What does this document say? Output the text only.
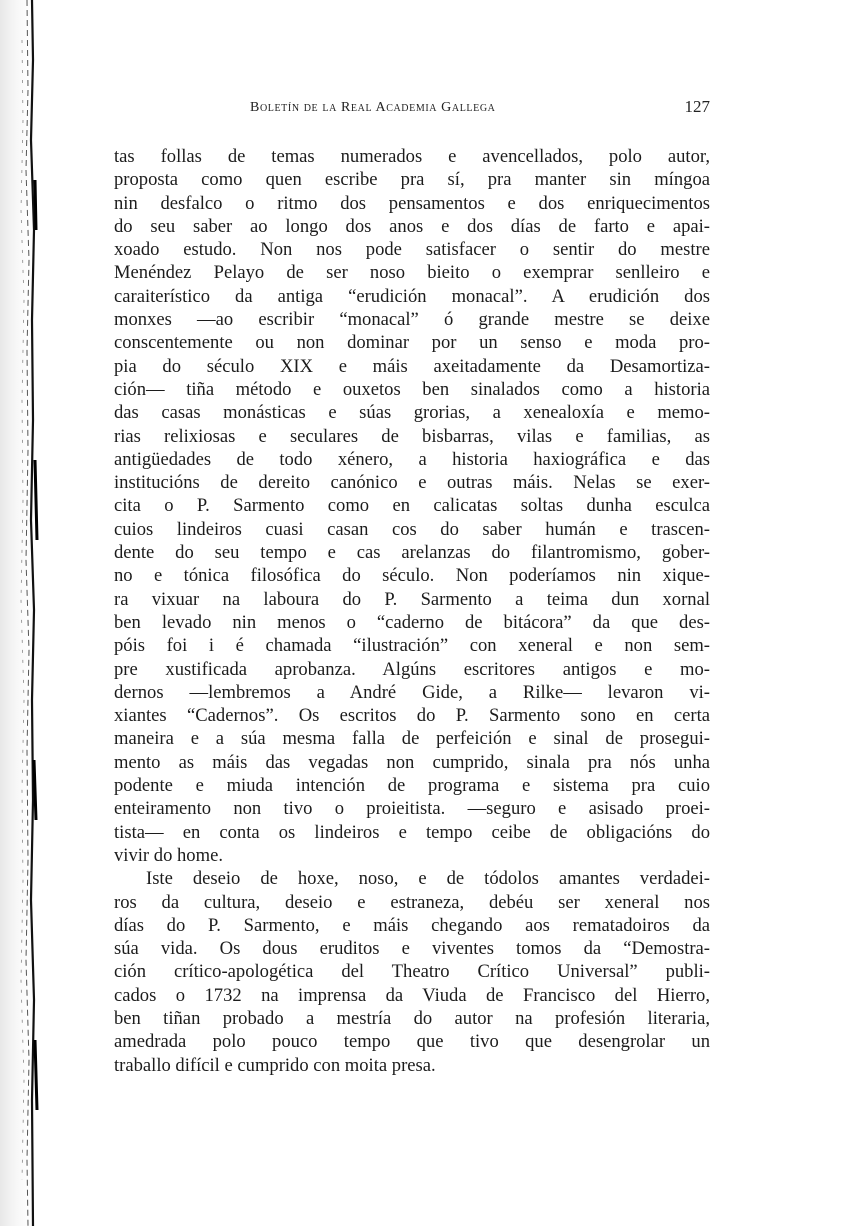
Boletín de la Real Academia Gallega	127

tas follas de temas numerados e avencellados, polo autor,
proposta como quen escribe pra sí, pra manter sin míngoa
nin desfalco o ritmo dos pensamentos e dos enriquecimentos
do seu saber ao longo dos anos e dos días de farto e apai-
xoado estudo. Non nos pode satisfacer o sentir do mestre
Menéndez Pelayo de ser noso bieito o exemprar senlleiro e
caraiterístico da antiga “erudición monacal”. A erudición dos
monxes —ao escribir “monacal” ó grande mestre se deixe
conscentemente ou non dominar por un senso e moda pro-
pia do século XIX e máis axeitadamente da Desamortiza-
ción— tiña método e ouxetos ben sinalados como a historia
das casas monásticas e súas grorias, a xenealoxía e memo-
rias relixiosas e seculares de bisbarras, vilas e familias, as
antigüedades de todo xénero, a historia haxiográfica e das
institucións de dereito canónico e outras máis. Nelas se exer-
cita o P. Sarmento como en calicatas soltas dunha esculca
cuios lindeiros cuasi casan cos do saber humán e trascen-
dente do seu tempo e cas arelanzas do filantromismo, gober-
no e tónica filosófica do século. Non poderíamos nin xique-
ra vixuar na laboura do P. Sarmento a teima dun xornal
ben levado nin menos o “caderno de bitácora” da que des-
póis foi i é chamada “ilustración” con xeneral e non sem-
pre xustificada aprobanza. Algúns escritores antigos e mo-
dernos —lembremos a André Gide, a Rilke— levaron vi-
xiantes “Cadernos”. Os escritos do P. Sarmento sono en certa
maneira e a súa mesma falla de perfeición e sinal de prosegui-
mento as máis das vegadas non cumprido, sinala pra nós unha
podente e miuda intención de programa e sistema pra cuio
enteiramento non tivo o proieitista. —seguro e asisado proei-
tista— en conta os lindeiros e tempo ceibe de obligacións do
vivir do home.

Iste deseio de hoxe, noso, e de tódolos amantes verdadei-
ros da cultura, deseio e estraneza, debéu ser xeneral nos
días do P. Sarmento, e máis chegando aos rematadoiros da
súa vida. Os dous eruditos e viventes tomos da “Demostra-
ción crítico-apologética del Theatro Crítico Universal” publi-
cados o 1732 na imprensa da Viuda de Francisco del Hierro,
ben tiñan probado a mestría do autor na profesión literaria,
amedrada polo pouco tempo que tivo que desengrolar un
traballo difícil e cumprido con moita presa.
